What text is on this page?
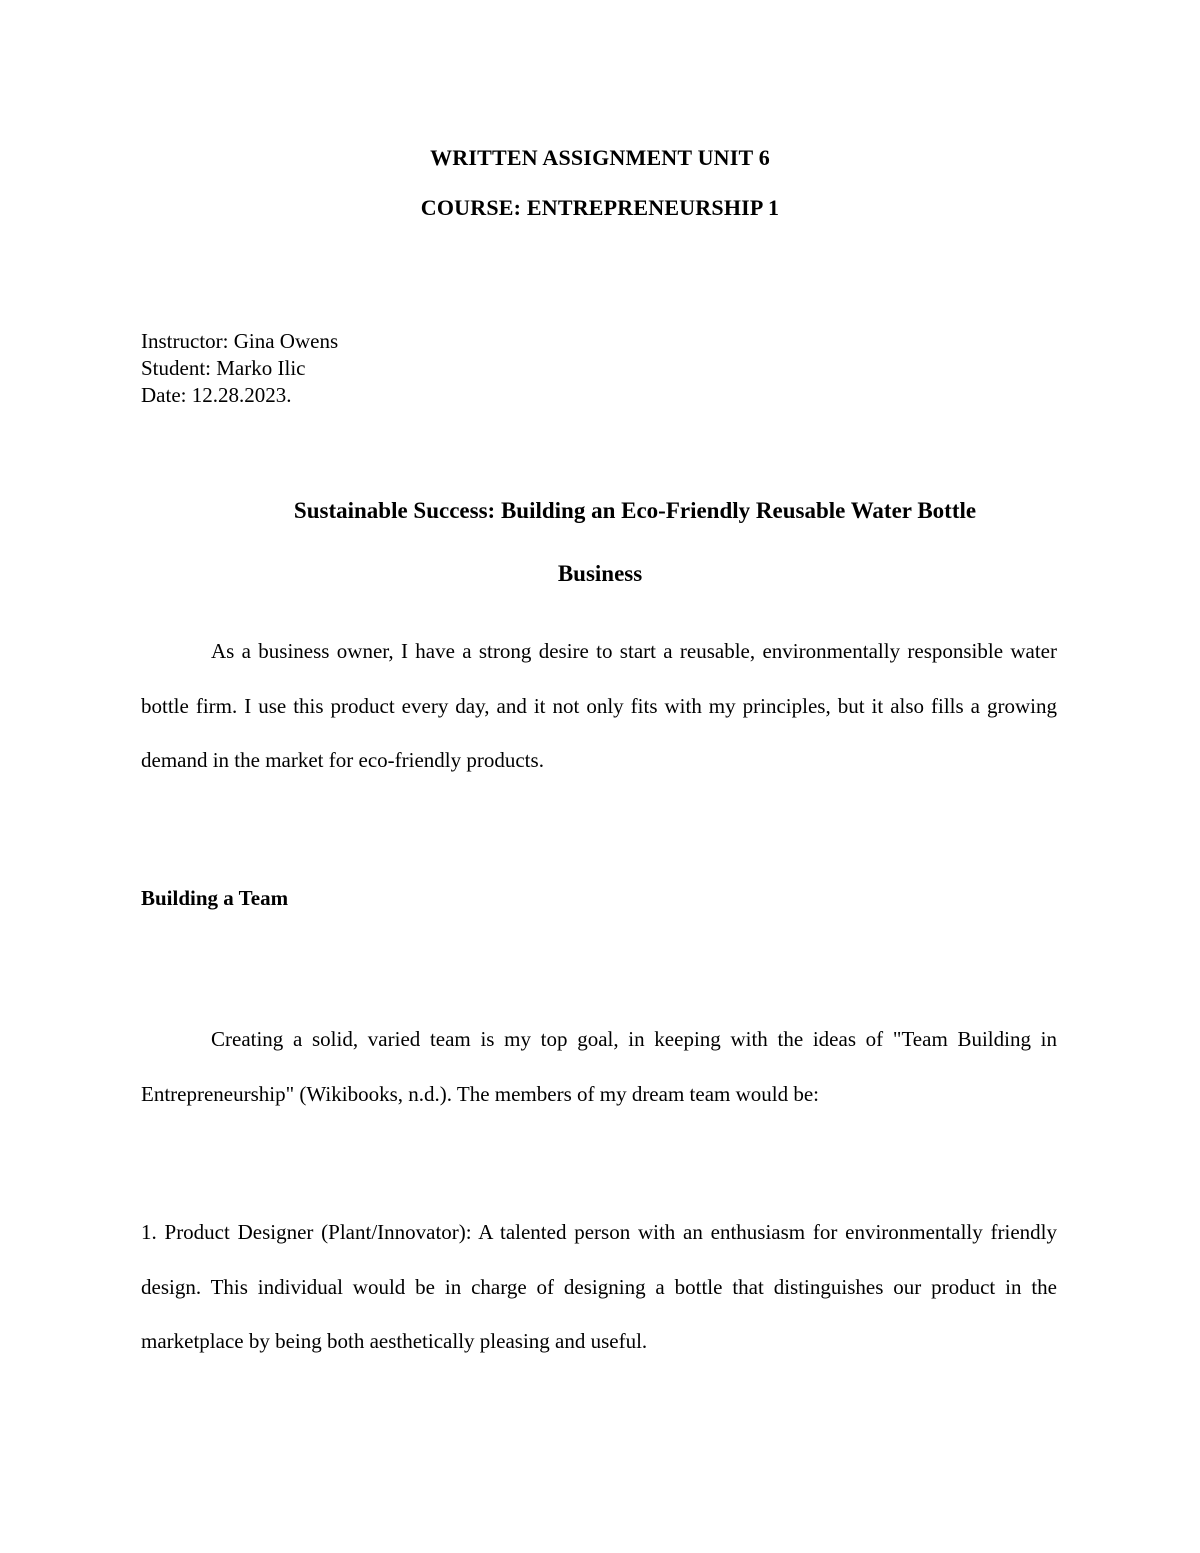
WRITTEN ASSIGNMENT UNIT 6
COURSE: ENTREPRENEURSHIP 1
Instructor: Gina Owens
Student: Marko Ilic
Date: 12.28.2023.
Sustainable Success: Building an Eco-Friendly Reusable Water Bottle
Business

As a business owner, I have a strong desire to start a reusable, environmentally responsible water bottle firm. I use this product every day, and it not only fits with my principles, but it also fills a growing demand in the market for eco-friendly products.

Building a Team

Creating a solid, varied team is my top goal, in keeping with the ideas of "Team Building in Entrepreneurship" (Wikibooks, n.d.). The members of my dream team would be:

1. Product Designer (Plant/Innovator): A talented person with an enthusiasm for environmentally friendly design. This individual would be in charge of designing a bottle that distinguishes our product in the marketplace by being both aesthetically pleasing and useful.
